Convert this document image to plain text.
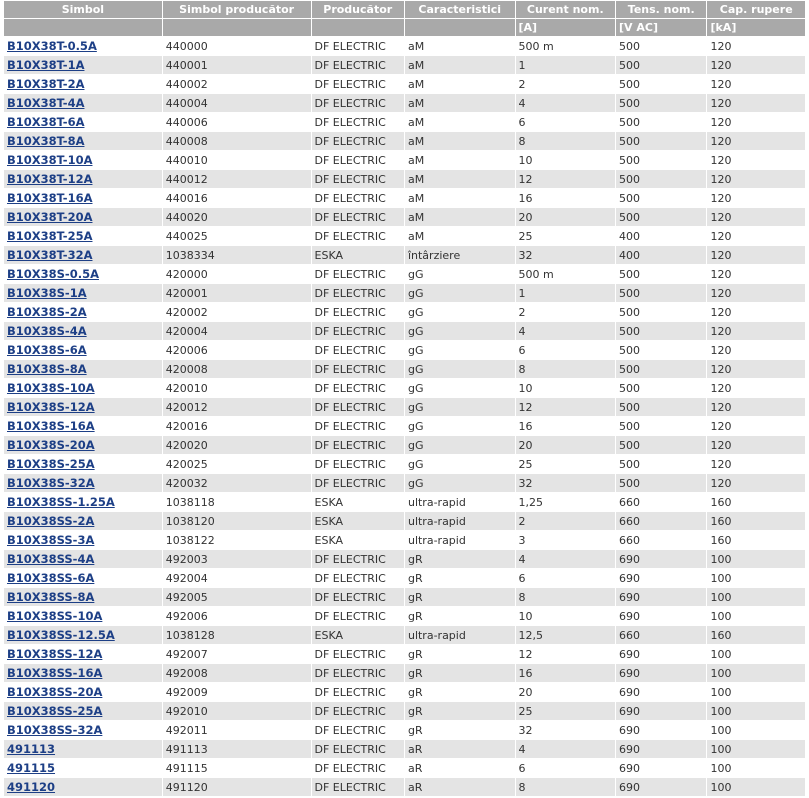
Simbol	Simbol producător	Producător	Caracteristici	Curent nom.	Tens. nom.	Cap. rupere
				[A]	[V AC]	[kA]
B10X38T-0.5A	440000	DF ELECTRIC	aM	500 m	500	120
B10X38T-1A	440001	DF ELECTRIC	aM	1	500	120
B10X38T-2A	440002	DF ELECTRIC	aM	2	500	120
B10X38T-4A	440004	DF ELECTRIC	aM	4	500	120
B10X38T-6A	440006	DF ELECTRIC	aM	6	500	120
B10X38T-8A	440008	DF ELECTRIC	aM	8	500	120
B10X38T-10A	440010	DF ELECTRIC	aM	10	500	120
B10X38T-12A	440012	DF ELECTRIC	aM	12	500	120
B10X38T-16A	440016	DF ELECTRIC	aM	16	500	120
B10X38T-20A	440020	DF ELECTRIC	aM	20	500	120
B10X38T-25A	440025	DF ELECTRIC	aM	25	400	120
B10X38T-32A	1038334	ESKA	întârziere	32	400	120
B10X38S-0.5A	420000	DF ELECTRIC	gG	500 m	500	120
B10X38S-1A	420001	DF ELECTRIC	gG	1	500	120
B10X38S-2A	420002	DF ELECTRIC	gG	2	500	120
B10X38S-4A	420004	DF ELECTRIC	gG	4	500	120
B10X38S-6A	420006	DF ELECTRIC	gG	6	500	120
B10X38S-8A	420008	DF ELECTRIC	gG	8	500	120
B10X38S-10A	420010	DF ELECTRIC	gG	10	500	120
B10X38S-12A	420012	DF ELECTRIC	gG	12	500	120
B10X38S-16A	420016	DF ELECTRIC	gG	16	500	120
B10X38S-20A	420020	DF ELECTRIC	gG	20	500	120
B10X38S-25A	420025	DF ELECTRIC	gG	25	500	120
B10X38S-32A	420032	DF ELECTRIC	gG	32	500	120
B10X38SS-1.25A	1038118	ESKA	ultra-rapid	1,25	660	160
B10X38SS-2A	1038120	ESKA	ultra-rapid	2	660	160
B10X38SS-3A	1038122	ESKA	ultra-rapid	3	660	160
B10X38SS-4A	492003	DF ELECTRIC	gR	4	690	100
B10X38SS-6A	492004	DF ELECTRIC	gR	6	690	100
B10X38SS-8A	492005	DF ELECTRIC	gR	8	690	100
B10X38SS-10A	492006	DF ELECTRIC	gR	10	690	100
B10X38SS-12.5A	1038128	ESKA	ultra-rapid	12,5	660	160
B10X38SS-12A	492007	DF ELECTRIC	gR	12	690	100
B10X38SS-16A	492008	DF ELECTRIC	gR	16	690	100
B10X38SS-20A	492009	DF ELECTRIC	gR	20	690	100
B10X38SS-25A	492010	DF ELECTRIC	gR	25	690	100
B10X38SS-32A	492011	DF ELECTRIC	gR	32	690	100
491113	491113	DF ELECTRIC	aR	4	690	100
491115	491115	DF ELECTRIC	aR	6	690	100
491120	491120	DF ELECTRIC	aR	8	690	100
